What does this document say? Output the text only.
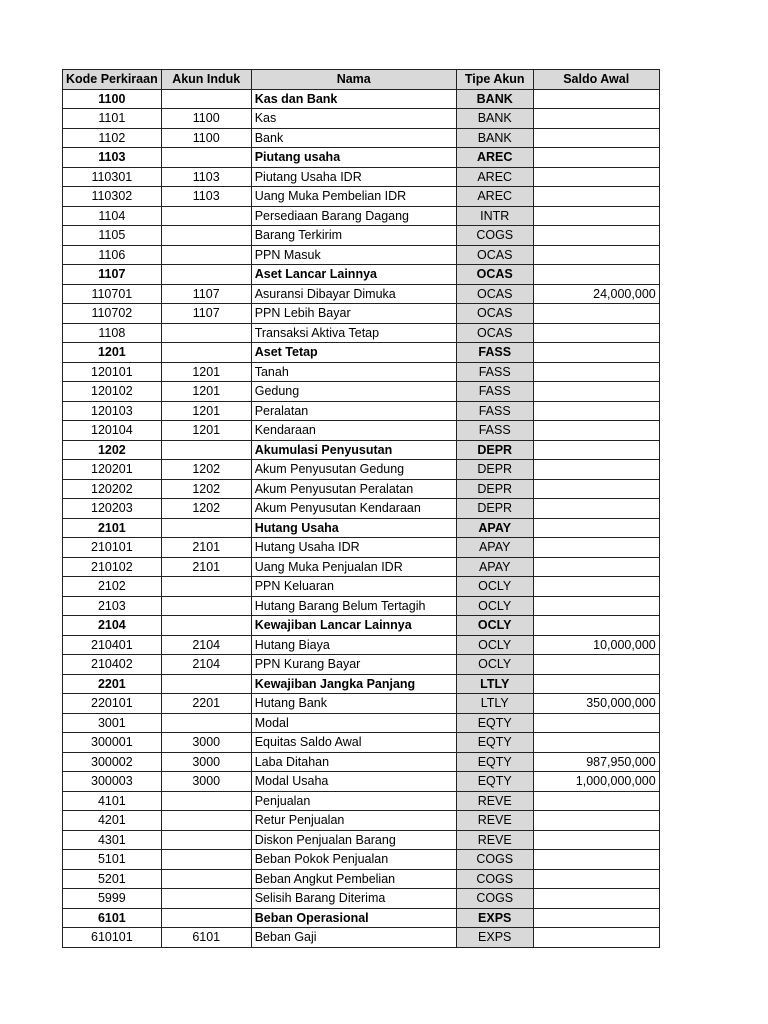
Kode Perkiraan	Akun Induk	Nama	Tipe Akun	Saldo Awal
1100		Kas dan Bank	BANK	
1101	1100	Kas	BANK	
1102	1100	Bank	BANK	
1103		Piutang usaha	AREC	
110301	1103	Piutang Usaha IDR	AREC	
110302	1103	Uang Muka Pembelian IDR	AREC	
1104		Persediaan Barang Dagang	INTR	
1105		Barang Terkirim	COGS	
1106		PPN Masuk	OCAS	
1107		Aset Lancar Lainnya	OCAS	
110701	1107	Asuransi Dibayar Dimuka	OCAS	24,000,000
110702	1107	PPN Lebih Bayar	OCAS	
1108		Transaksi Aktiva Tetap	OCAS	
1201		Aset Tetap	FASS	
120101	1201	Tanah	FASS	
120102	1201	Gedung	FASS	
120103	1201	Peralatan	FASS	
120104	1201	Kendaraan	FASS	
1202		Akumulasi Penyusutan	DEPR	
120201	1202	Akum Penyusutan Gedung	DEPR	
120202	1202	Akum Penyusutan Peralatan	DEPR	
120203	1202	Akum Penyusutan Kendaraan	DEPR	
2101		Hutang Usaha	APAY	
210101	2101	Hutang Usaha IDR	APAY	
210102	2101	Uang Muka Penjualan IDR	APAY	
2102		PPN Keluaran	OCLY	
2103		Hutang Barang Belum Tertagih	OCLY	
2104		Kewajiban Lancar Lainnya	OCLY	
210401	2104	Hutang Biaya	OCLY	10,000,000
210402	2104	PPN Kurang Bayar	OCLY	
2201		Kewajiban Jangka Panjang	LTLY	
220101	2201	Hutang Bank	LTLY	350,000,000
3001		Modal	EQTY	
300001	3000	Equitas Saldo Awal	EQTY	
300002	3000	Laba Ditahan	EQTY	987,950,000
300003	3000	Modal Usaha	EQTY	1,000,000,000
4101		Penjualan	REVE	
4201		Retur Penjualan	REVE	
4301		Diskon Penjualan Barang	REVE	
5101		Beban Pokok Penjualan	COGS	
5201		Beban Angkut Pembelian	COGS	
5999		Selisih Barang Diterima	COGS	
6101		Beban Operasional	EXPS	
610101	6101	Beban Gaji	EXPS	
